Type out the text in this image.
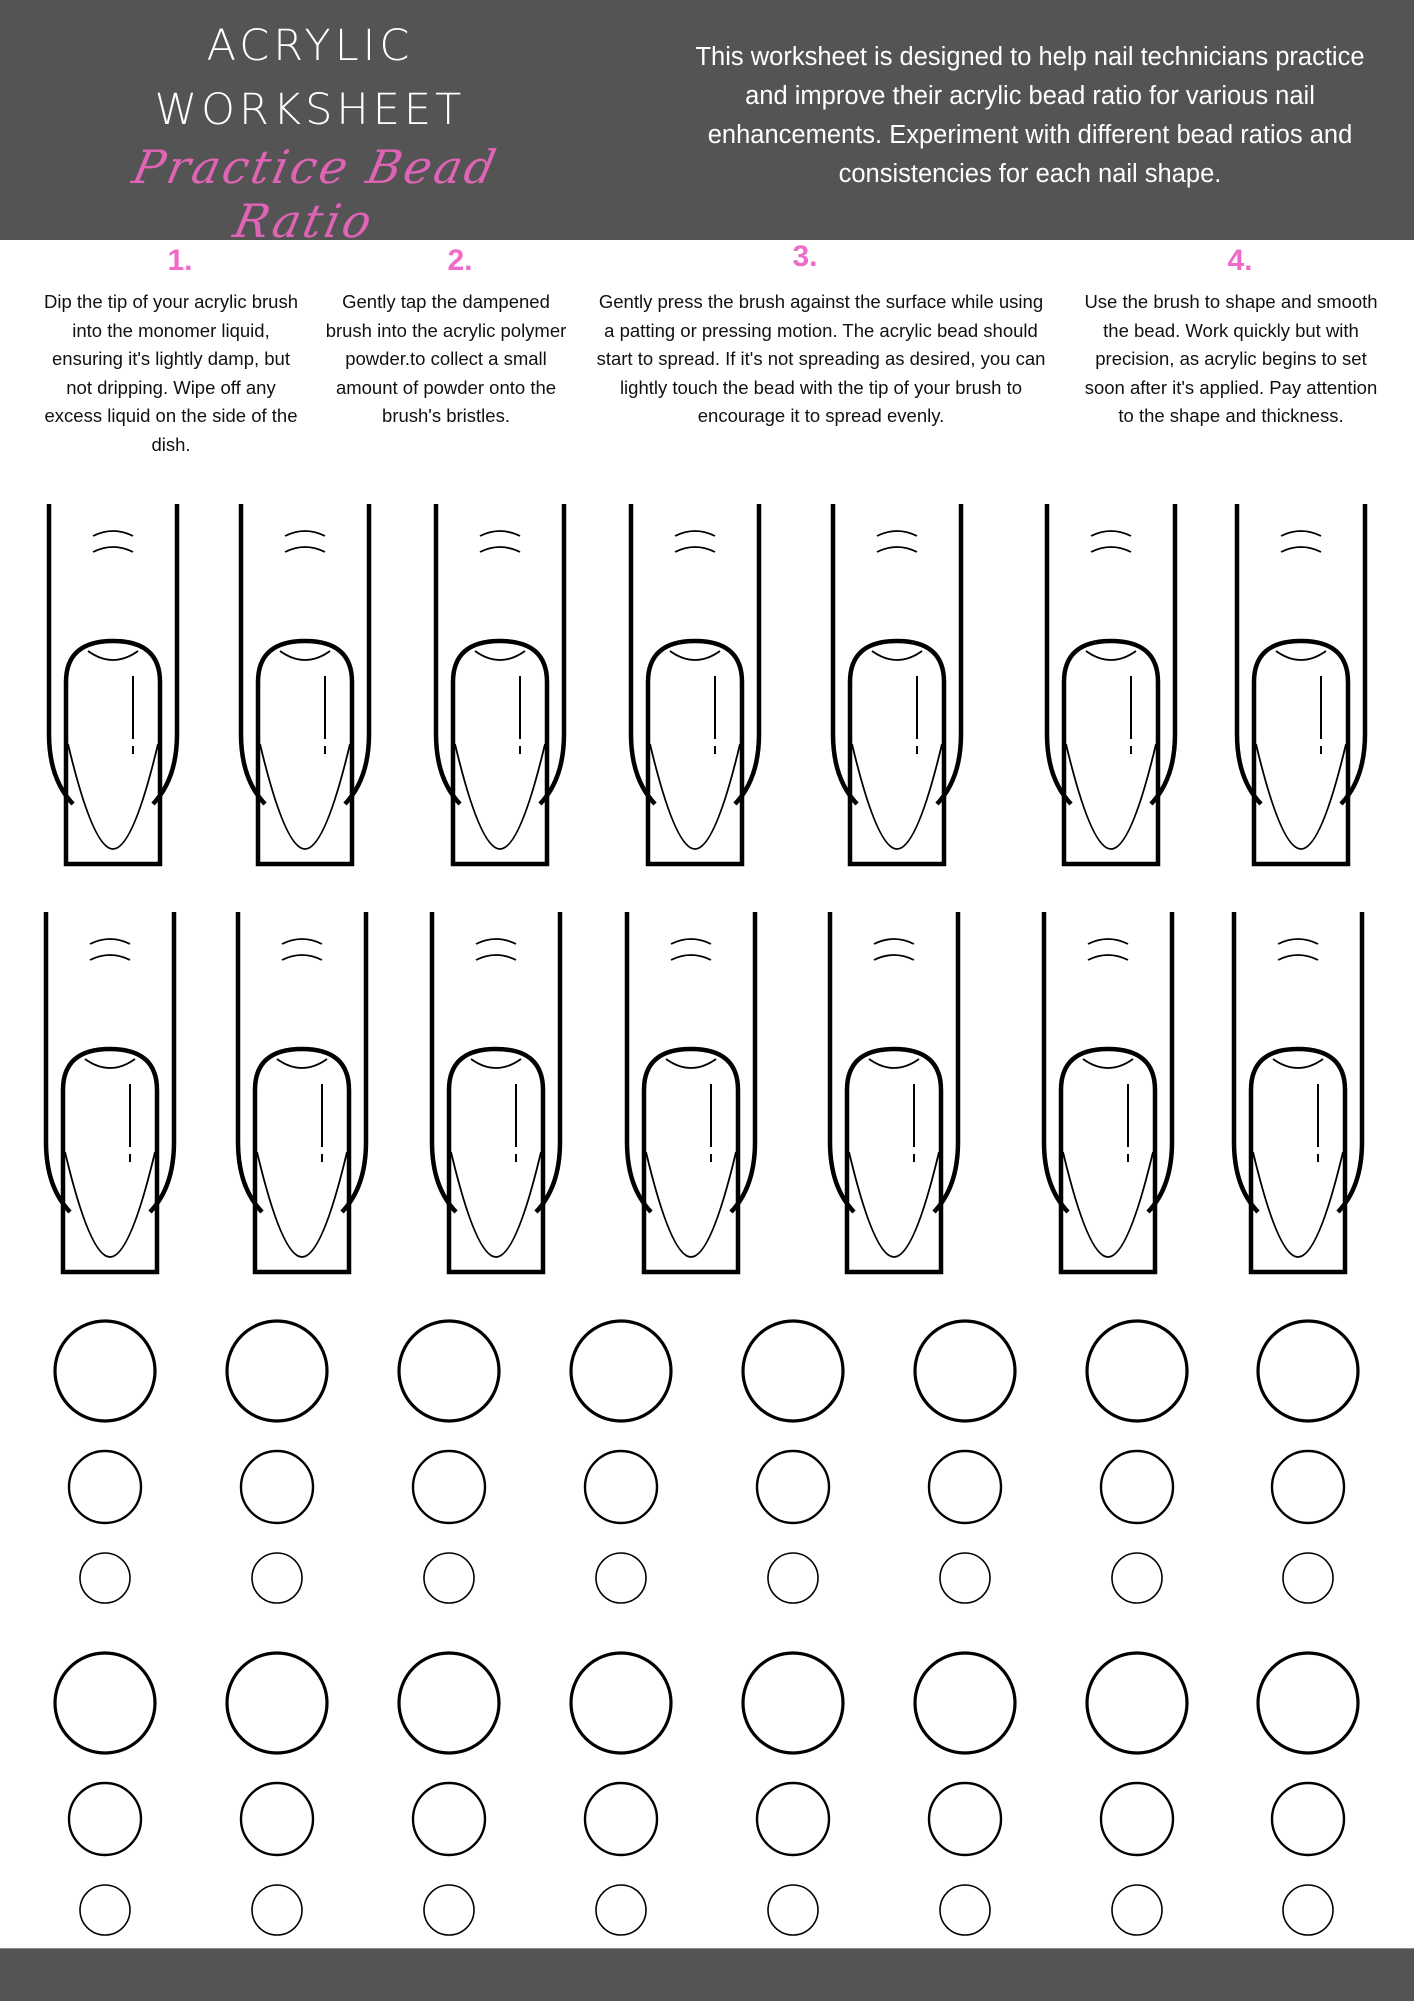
ACRYLIC
WORKSHEET
Practice Bead Ratio
This worksheet is designed to help nail technicians practice and improve their acrylic bead ratio for various nail enhancements. Experiment with different bead ratios and consistencies for each nail shape.
1.
Dip the tip of your acrylic brush into the monomer liquid, ensuring it's lightly damp, but not dripping. Wipe off any excess liquid on the side of the dish.
2.
Gently tap the dampened brush into the acrylic polymer powder.to collect a small amount of powder onto the brush's bristles.
3.
Gently press the brush against the surface while using a patting or pressing motion. The acrylic bead should start to spread. If it's not spreading as desired, you can lightly touch the bead with the tip of your brush to encourage it to spread evenly.
4.
Use the brush to shape and smooth the bead. Work quickly but with precision, as acrylic begins to set soon after it's applied. Pay attention to the shape and thickness.
